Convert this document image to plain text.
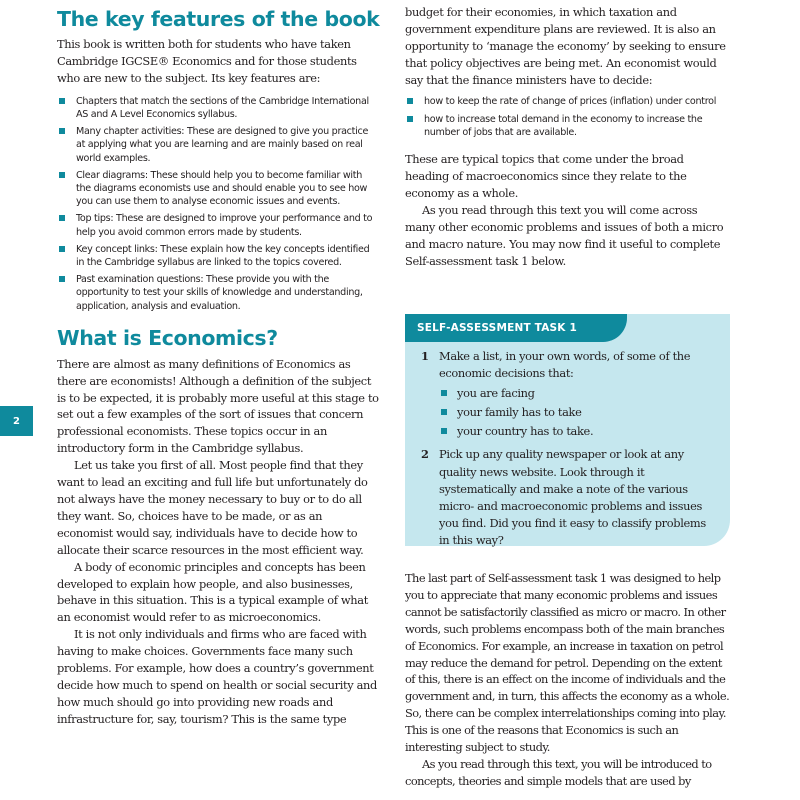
2
The key features of the book

This book is written both for students who have taken Cambridge IGCSE® Economics and for those students who are new to the subject. Its key features are:

Chapters that match the sections of the Cambridge International AS and A Level Economics syllabus.
Many chapter activities: These are designed to give you practice at applying what you are learning and are mainly based on real world examples.
Clear diagrams: These should help you to become familiar with the diagrams economists use and should enable you to see how you can use them to analyse economic issues and events.
Top tips: These are designed to improve your performance and to help you avoid common errors made by students.
Key concept links: These explain how the key concepts identified in the Cambridge syllabus are linked to the topics covered.
Past examination questions: These provide you with the opportunity to test your skills of knowledge and understanding, application, analysis and evaluation.
What is Economics?

There are almost as many definitions of Economics as there are economists! Although a definition of the subject is to be expected, it is probably more useful at this stage to set out a few examples of the sort of issues that concern professional economists. These topics occur in an introductory form in the Cambridge syllabus.

Let us take you first of all. Most people find that they want to lead an exciting and full life but unfortunately do not always have the money necessary to buy or to do all they want. So, choices have to be made, or as an economist would say, individuals have to decide how to allocate their scarce resources in the most efficient way.

A body of economic principles and concepts has been developed to explain how people, and also businesses, behave in this situation. This is a typical example of what an economist would refer to as microeconomics.

It is not only individuals and firms who are faced with having to make choices. Governments face many such problems. For example, how does a country’s government decide how much to spend on health or social security and how much should go into providing new roads and infrastructure for, say, tourism? This is the same type

budget for their economies, in which taxation and government expenditure plans are reviewed. It is also an opportunity to ‘manage the economy’ by seeking to ensure that policy objectives are being met. An economist would say that the finance ministers have to decide:

how to keep the rate of change of prices (inflation) under control
how to increase total demand in the economy to increase the number of jobs that are available.

These are typical topics that come under the broad heading of macroeconomics since they relate to the economy as a whole.

As you read through this text you will come across many other economic problems and issues of both a micro and macro nature. You may now find it useful to complete Self-assessment task 1 below.

SELF-ASSESSMENT TASK 1
1 Make a list, in your own words, of some of the economic decisions that:

you are facing
your family has to take
your country has to take.
2 Pick up any quality newspaper or look at any quality news website. Look through it systematically and make a note of the various micro- and macroeconomic problems and issues you find. Did you find it easy to classify problems in this way?

The last part of Self-assessment task 1 was designed to help you to appreciate that many economic problems and issues cannot be satisfactorily classified as micro or macro. In other words, such problems encompass both of the main branches of Economics. For example, an increase in taxation on petrol may reduce the demand for petrol. Depending on the extent of this, there is an effect on the income of individuals and the government and, in turn, this affects the economy as a whole. So, there can be complex interrelationships coming into play. This is one of the reasons that Economics is such an interesting subject to study.

As you read through this text, you will be introduced to concepts, theories and simple models that are used by
